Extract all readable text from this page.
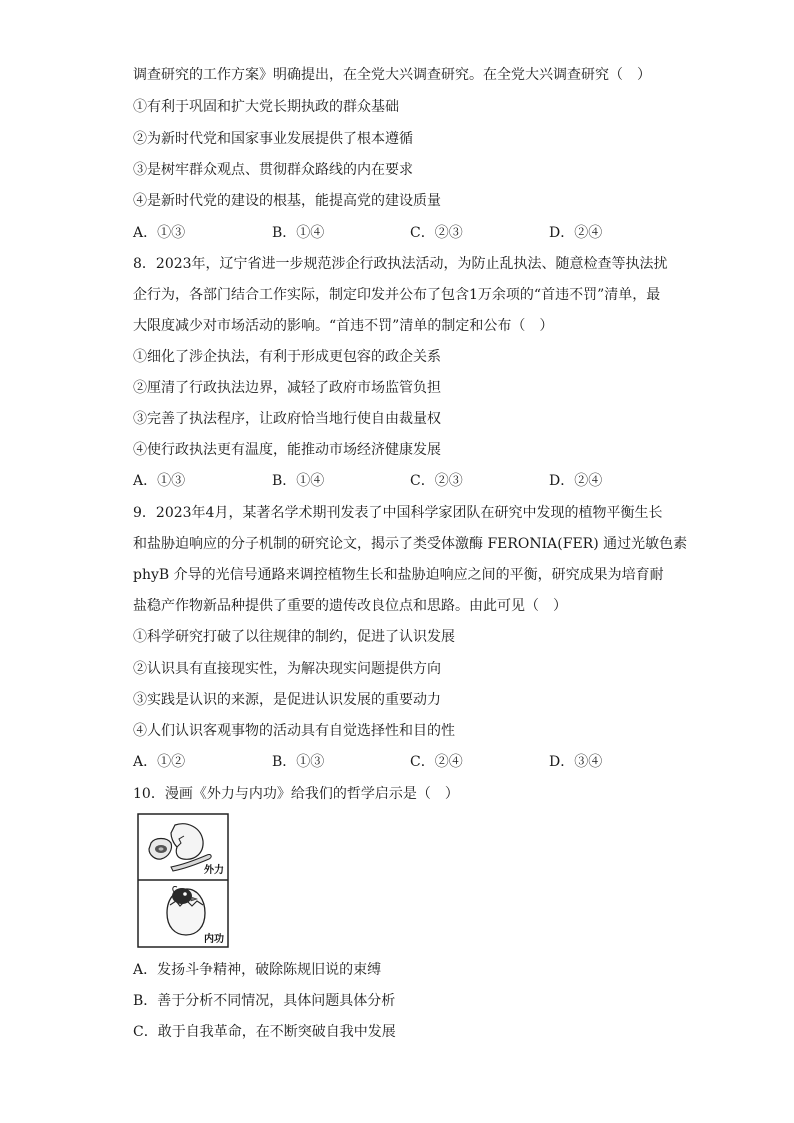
调查研究的工作方案》明确提出，在全党大兴调查研究。在全党大兴调查研究（　）
①有利于巩固和扩大党长期执政的群众基础
②为新时代党和国家事业发展提供了根本遵循
③是树牢群众观点、贯彻群众路线的内在要求
④是新时代党的建设的根基，能提高党的建设质量
A．①③	B．①④	C．②③	D．②④
8．2023年，辽宁省进一步规范涉企行政执法活动，为防止乱执法、随意检查等执法扰
企行为，各部门结合工作实际，制定印发并公布了包含1万余项的“首违不罚”清单，最
大限度减少对市场活动的影响。“首违不罚”清单的制定和公布（　）
①细化了涉企执法，有利于形成更包容的政企关系
②厘清了行政执法边界，减轻了政府市场监管负担
③完善了执法程序，让政府恰当地行使自由裁量权
④使行政执法更有温度，能推动市场经济健康发展
A．①③	B．①④	C．②③	D．②④
9．2023年4月，某著名学术期刊发表了中国科学家团队在研究中发现的植物平衡生长
和盐胁迫响应的分子机制的研究论文，揭示了类受体激酶 FERONIA(FER) 通过光敏色素
phyB 介导的光信号通路来调控植物生长和盐胁迫响应之间的平衡，研究成果为培育耐
盐稳产作物新品种提供了重要的遗传改良位点和思路。由此可见（　）
①科学研究打破了以往规律的制约，促进了认识发展
②认识具有直接现实性，为解决现实问题提供方向
③实践是认识的来源，是促进认识发展的重要动力
④人们认识客观事物的活动具有自觉选择性和目的性
A．①②	B．①③	C．②④	D．③④
10．漫画《外力与内功》给我们的哲学启示是（　）
外力
内功
A．发扬斗争精神，破除陈规旧说的束缚
B．善于分析不同情况，具体问题具体分析
C．敢于自我革命，在不断突破自我中发展
